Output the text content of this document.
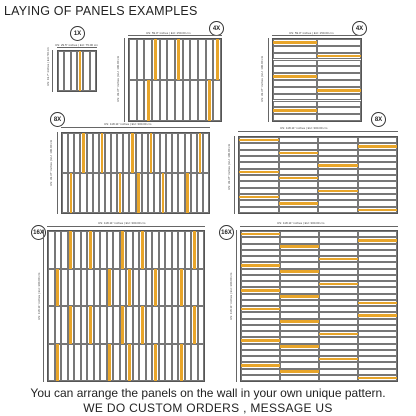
LAYING OF PANELS EXAMPLES
1X
US: 29.5" inches | EU: 75.00 cm
US: 19.7" inches | EU: 50 cm
4X
US: 59.0" inches | EU: 150.00 cm
US: 39.37" inches | EU: 100.00 cm
4X
US: 59.0" inches | EU: 150.00 cm
US: 39.37" inches | EU: 100.00 cm
8X
US: 118.11" inches | EU: 300.00 cm
US: 39.37" inches | EU: 100.00 cm
8X
US: 118.11" inches | EU: 300.00 cm
US: 39.37" inches | EU: 100.00 cm
16X
US: 118.11" inches | EU: 300.00 cm
US: 118.11" inches | EU: 300.00 cm
16X
US: 118.11" inches | EU: 300.00 cm
US: 118.11" inches | EU: 300.00 cm
You can arrange the panels on the wall in your own unique pattern.
WE DO CUSTOM ORDERS , MESSAGE US
